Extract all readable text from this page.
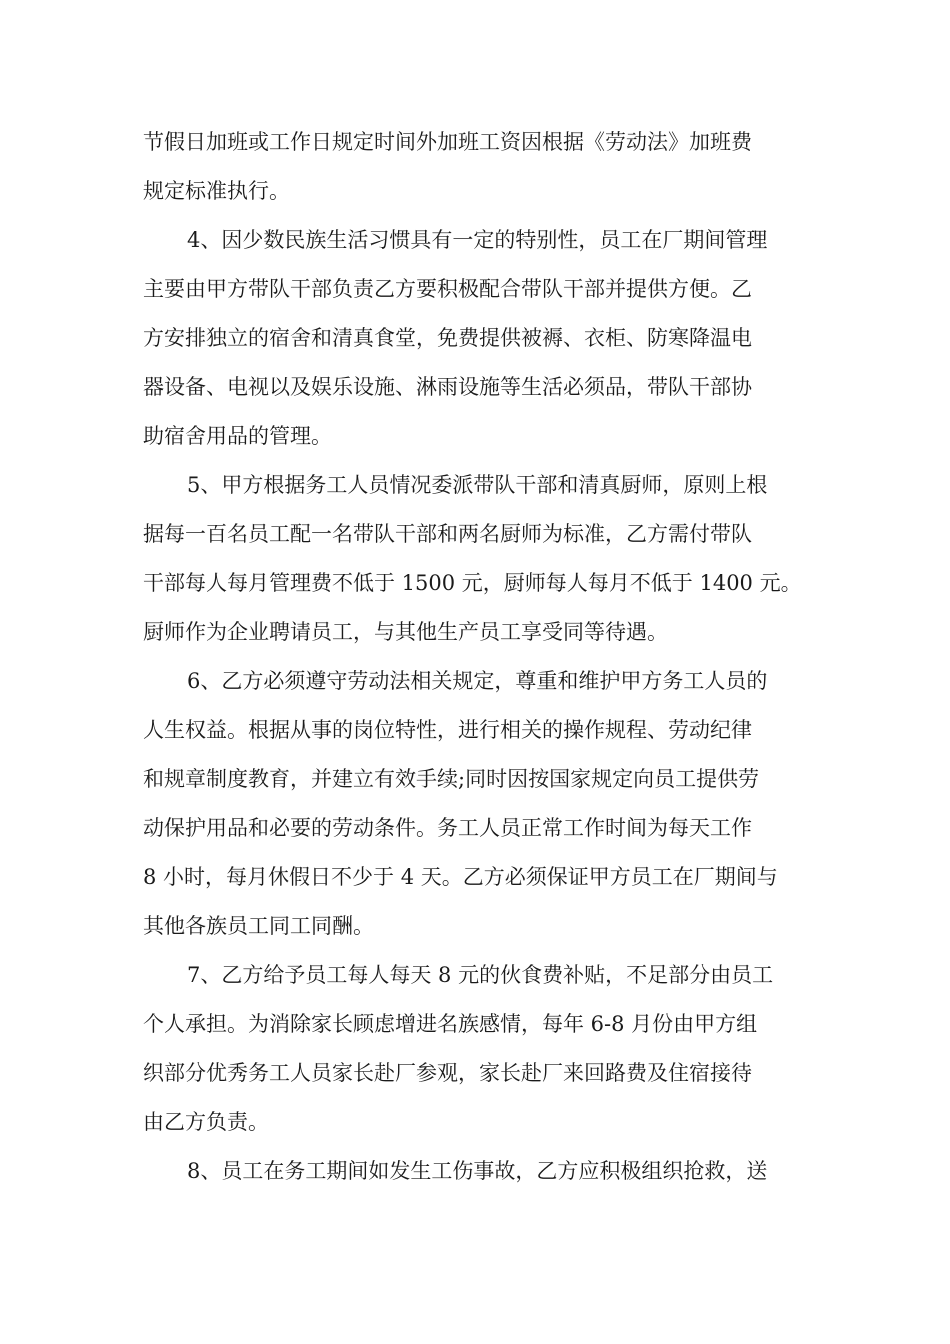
节假日加班或工作日规定时间外加班工资因根据《劳动法》加班费

规定标准执行。

4、因少数民族生活习惯具有一定的特别性，员工在厂期间管理

主要由甲方带队干部负责乙方要积极配合带队干部并提供方便。乙

方安排独立的宿舍和清真食堂，免费提供被褥、衣柜、防寒降温电

器设备、电视以及娱乐设施、淋雨设施等生活必须品，带队干部协

助宿舍用品的管理。

5、甲方根据务工人员情况委派带队干部和清真厨师，原则上根

据每一百名员工配一名带队干部和两名厨师为标准，乙方需付带队

干部每人每月管理费不低于 1500 元，厨师每人每月不低于 1400 元。

厨师作为企业聘请员工，与其他生产员工享受同等待遇。

6、乙方必须遵守劳动法相关规定，尊重和维护甲方务工人员的

人生权益。根据从事的岗位特性，进行相关的操作规程、劳动纪律

和规章制度教育，并建立有效手续;同时因按国家规定向员工提供劳

动保护用品和必要的劳动条件。务工人员正常工作时间为每天工作

8 小时，每月休假日不少于 4 天。乙方必须保证甲方员工在厂期间与

其他各族员工同工同酬。

7、乙方给予员工每人每天 8 元的伙食费补贴，不足部分由员工

个人承担。为消除家长顾虑增进名族感情，每年 6-8 月份由甲方组

织部分优秀务工人员家长赴厂参观，家长赴厂来回路费及住宿接待

由乙方负责。

8、员工在务工期间如发生工伤事故，乙方应积极组织抢救，送
